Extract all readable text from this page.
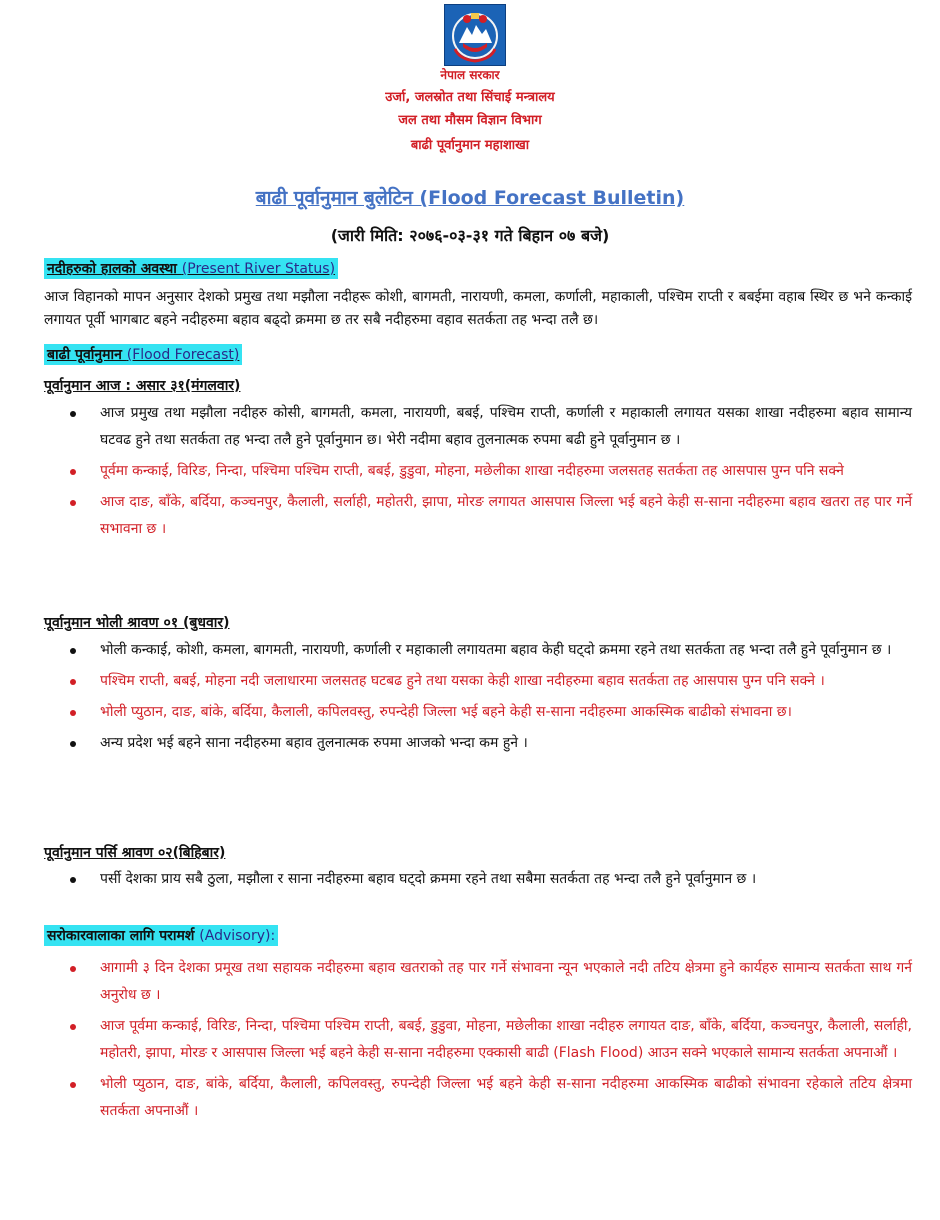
नेपाल सरकार
उर्जा, जलस्रोत तथा सिंचाई मन्त्रालय
जल तथा मौसम विज्ञान विभाग
बाढी पूर्वानुमान महाशाखा
बाढी पूर्वानुमान बुलेटिन (Flood Forecast Bulletin)
(जारी मिति: २०७६-०३-३१ गते बिहान ०७ बजे)
नदीहरुको हालको अवस्था (Present River Status)
आज विहानको मापन अनुसार देशको प्रमुख तथा मझौला नदीहरू कोशी, बागमती, नारायणी, कमला, कर्णाली, महाकाली, पश्चिम राप्ती र बबईमा वहाब स्थिर छ भने कन्काई लगायत पूर्वी भागबाट बहने नदीहरुमा बहाव बढ्दो क्रममा छ तर सबै नदीहरुमा वहाव सतर्कता तह भन्दा तलै छ।
बाढी पूर्वानुमान (Flood Forecast)
पूर्वानुमान आज : असार ३१(मंगलवार)
आज प्रमुख तथा मझौला नदीहरु कोसी, बागमती, कमला, नारायणी, बबई, पश्चिम राप्ती, कर्णाली र महाकाली लगायत यसका शाखा नदीहरुमा बहाव सामान्य घटवढ हुने तथा सतर्कता तह भन्दा तलै हुने पूर्वानुमान छ। भेरी नदीमा बहाव तुलनात्मक रुपमा बढी हुने पूर्वानुमान छ ।
पूर्वमा कन्काई, विरिङ, निन्दा, पश्चिमा पश्चिम राप्ती, बबई, डुडुवा, मोहना, मछेलीका शाखा नदीहरुमा जलसतह सतर्कता तह आसपास पुग्न पनि सक्ने
आज दाङ, बाँके, बर्दिया, कञ्चनपुर, कैलाली, सर्लाही, महोतरी, झापा, मोरङ लगायत आसपास जिल्ला भई बहने केही स-साना नदीहरुमा बहाव खतरा तह पार गर्ने सभावना छ ।
पूर्वानुमान भोली श्रावण ०१ (बुधवार)
भोली कन्काई, कोशी, कमला, बागमती, नारायणी, कर्णाली र महाकाली लगायतमा बहाव केही घट्दो क्रममा रहने तथा सतर्कता तह भन्दा तलै हुने पूर्वानुमान छ ।
पश्चिम राप्ती, बबई, मोहना नदी जलाधारमा जलसतह घटबढ हुने तथा यसका केही शाखा नदीहरुमा बहाव सतर्कता तह आसपास पुग्न पनि सक्ने ।
भोली प्युठान, दाङ, बांके, बर्दिया, कैलाली, कपिलवस्तु, रुपन्देही जिल्ला भई बहने केही स-साना नदीहरुमा आकस्मिक बाढीको संभावना छ।
अन्य प्रदेश भई बहने साना नदीहरुमा बहाव तुलनात्मक रुपमा आजको भन्दा कम हुने ।
पूर्वानुमान पर्सि श्रावण ०२(बिहिबार)
पर्सी देशका प्राय सबै ठुला, मझौला र साना नदीहरुमा बहाव घट्दो क्रममा रहने तथा सबैमा सतर्कता तह भन्दा तलै हुने पूर्वानुमान छ ।
सरोकारवालाका लागि परामर्श (Advisory):
आगामी ३ दिन देशका प्रमूख तथा सहायक नदीहरुमा बहाव खतराको तह पार गर्ने संभावना न्यून भएकाले नदी तटिय क्षेत्रमा हुने कार्यहरु सामान्य सतर्कता साथ गर्न अनुरोध छ ।
आज पूर्वमा कन्काई, विरिङ, निन्दा, पश्चिमा पश्चिम राप्ती, बबई, डुडुवा, मोहना, मछेलीका शाखा नदीहरु लगायत दाङ, बाँके, बर्दिया, कञ्चनपुर, कैलाली, सर्लाही, महोतरी, झापा, मोरङ र आसपास जिल्ला भई बहने केही स-साना नदीहरुमा एक्कासी बाढी (Flash Flood) आउन सक्ने भएकाले सामान्य सतर्कता अपनाऔं ।
भोली प्युठान, दाङ, बांके, बर्दिया, कैलाली, कपिलवस्तु, रुपन्देही जिल्ला भई बहने केही स-साना नदीहरुमा आकस्मिक बाढीको संभावना रहेकाले तटिय क्षेत्रमा सतर्कता अपनाऔं ।
